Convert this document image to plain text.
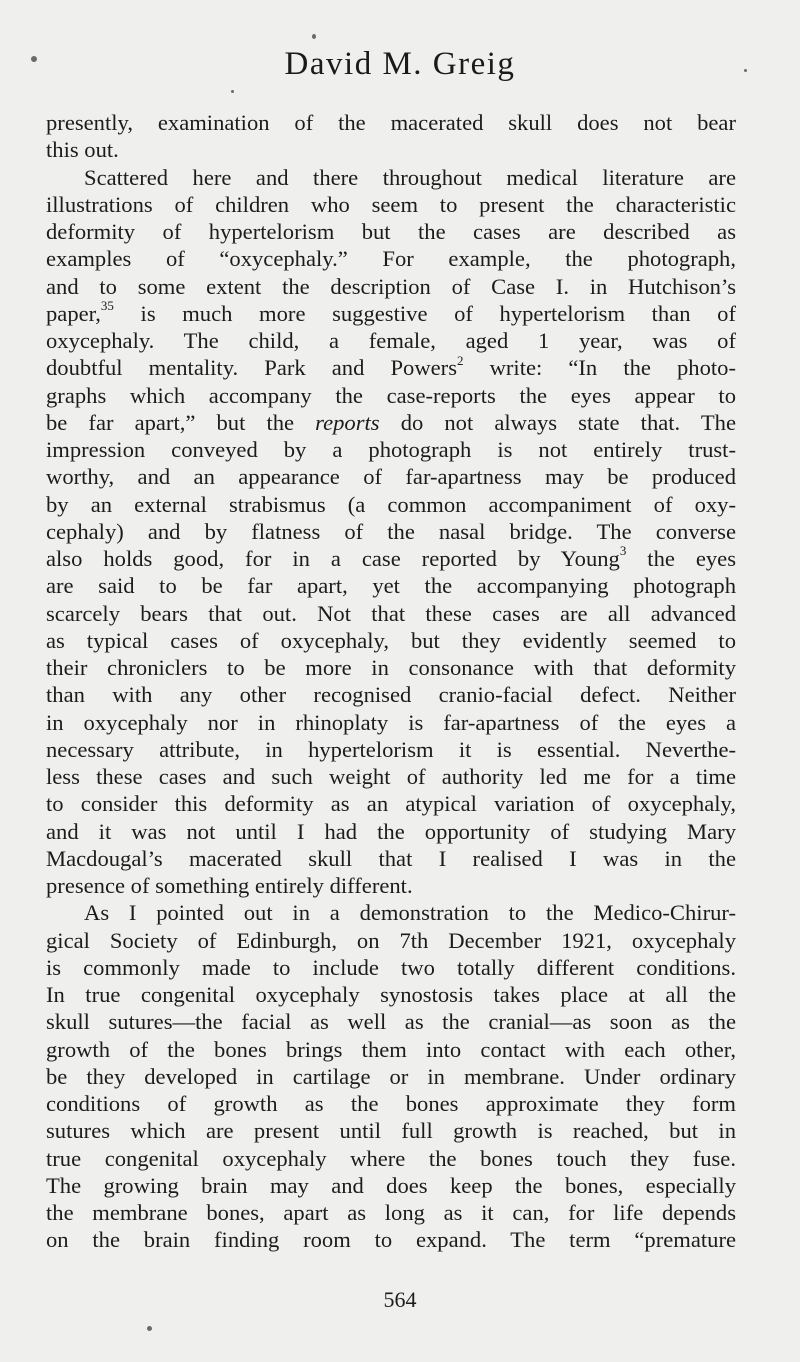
David M. Greig
presently, examination of the macerated skull does not bear
this out.
Scattered here and there throughout medical literature are
illustrations of children who seem to present the characteristic
deformity of hypertelorism but the cases are described as
examples of “oxycephaly.” For example, the photograph,
and to some extent the description of Case I. in Hutchison’s
paper,$^{35}$ is much more suggestive of hypertelorism than of
oxycephaly. The child, a female, aged 1 year, was of
doubtful mentality. Park and Powers$^2$ write: “In the photo-
graphs which accompany the case-reports the eyes appear to
be far apart,” but the reports do not always state that. The
impression conveyed by a photograph is not entirely trust-
worthy, and an appearance of far-apartness may be produced
by an external strabismus (a common accompaniment of oxy-
cephaly) and by flatness of the nasal bridge. The converse
also holds good, for in a case reported by Young$^3$ the eyes
are said to be far apart, yet the accompanying photograph
scarcely bears that out. Not that these cases are all advanced
as typical cases of oxycephaly, but they evidently seemed to
their chroniclers to be more in consonance with that deformity
than with any other recognised cranio-facial defect. Neither
in oxycephaly nor in rhinoplaty is far-apartness of the eyes a
necessary attribute, in hypertelorism it is essential. Neverthe-
less these cases and such weight of authority led me for a time
to consider this deformity as an atypical variation of oxycephaly,
and it was not until I had the opportunity of studying Mary
Macdougal’s macerated skull that I realised I was in the
presence of something entirely different.
As I pointed out in a demonstration to the Medico-Chirur-
gical Society of Edinburgh, on 7th December 1921, oxycephaly
is commonly made to include two totally different conditions.
In true congenital oxycephaly synostosis takes place at all the
skull sutures—the facial as well as the cranial—as soon as the
growth of the bones brings them into contact with each other,
be they developed in cartilage or in membrane. Under ordinary
conditions of growth as the bones approximate they form
sutures which are present until full growth is reached, but in
true congenital oxycephaly where the bones touch they fuse.
The growing brain may and does keep the bones, especially
the membrane bones, apart as long as it can, for life depends
on the brain finding room to expand. The term “premature
564
